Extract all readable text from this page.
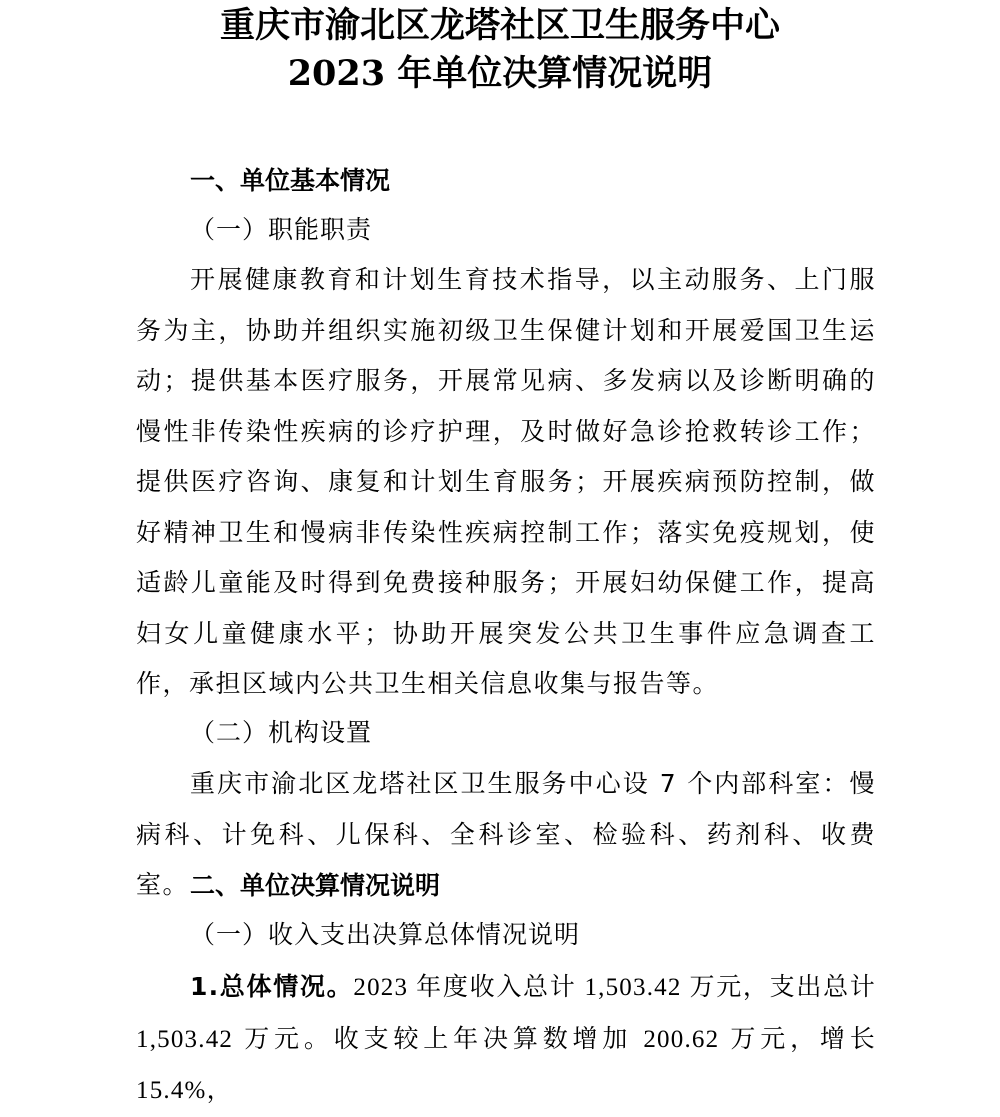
重庆市渝北区龙塔社区卫生服务中心
2023 年单位决算情况说明
一、单位基本情况
（一）职能职责
开展健康教育和计划生育技术指导，以主动服务、上门服务为主，协助并组织实施初级卫生保健计划和开展爱国卫生运动；提供基本医疗服务，开展常见病、多发病以及诊断明确的慢性非传染性疾病的诊疗护理，及时做好急诊抢救转诊工作；提供医疗咨询、康复和计划生育服务；开展疾病预防控制，做好精神卫生和慢病非传染性疾病控制工作；落实免疫规划，使适龄儿童能及时得到免费接种服务；开展妇幼保健工作，提高妇女儿童健康水平；协助开展突发公共卫生事件应急调查工作，承担区域内公共卫生相关信息收集与报告等。
（二）机构设置
重庆市渝北区龙塔社区卫生服务中心设 7 个内部科室：慢病科、计免科、儿保科、全科诊室、检验科、药剂科、收费室。 二、单位决算情况说明
（一）收入支出决算总体情况说明
1.总体情况。2023 年度收入总计 1,503.42 万元，支出总计 1,503.42 万元。收支较上年决算数增加 200.62 万元，增长 15.4%，
